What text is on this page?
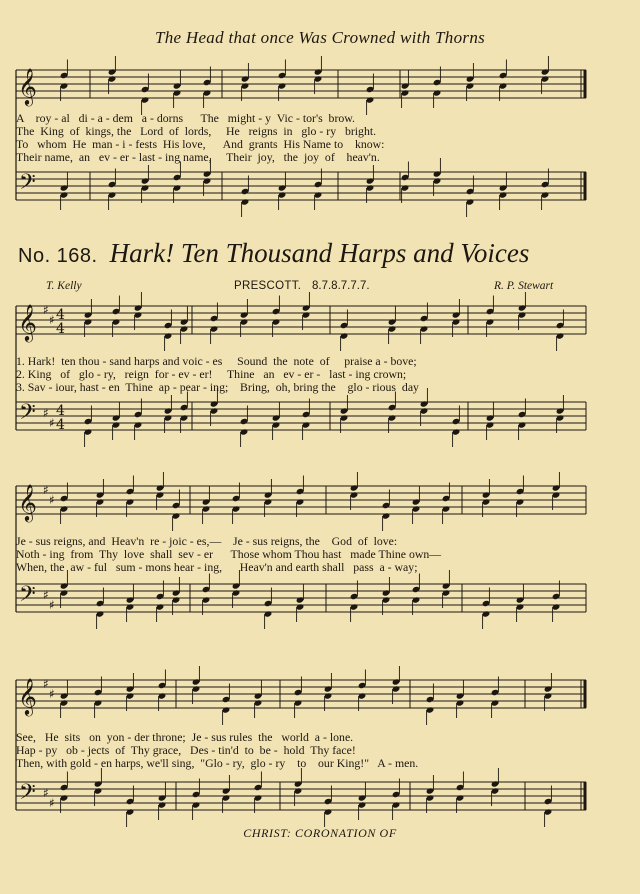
The Head that once Was Crowned with Thorns
𝄞
𝄢
𝄞
𝄢
♯
♯
♯
♯
4
4
4
4
𝄞
𝄢
♯
♯
♯
♯
𝄞
𝄢
♯
♯
♯
♯
A    roy - al   di - a - dem   a - dorns      The   might - y  Vic - tor's  brow.
The  King  of  kings, the   Lord  of  lords,     He   reigns  in   glo - ry   bright.
To   whom  He  man - i - fests  His love,      And  grants  His Name to    know:
Their name,  an   ev - er - last - ing name,     Their  joy,   the  joy  of    heav'n.
No. 168. Hark! Ten Thousand Harps and Voices
T. Kelly	PRESCOTT. 8.7.8.7.7.7.	R. P. Stewart
1. Hark!  ten thou - sand harps and voic - es     Sound  the  note  of     praise a - bove;
2. King   of   glo - ry,   reign  for - ev - er!     Thine   an   ev - er -   last - ing crown;
3. Sav - iour, hast - en  Thine  ap - pear - ing;    Bring,  oh, bring the    glo - rious  day
Je - sus reigns, and  Heav'n  re - joic - es,—    Je - sus reigns, the    God  of  love:
Noth - ing  from  Thy  love  shall  sev - er      Those whom Thou hast   made Thine own—
When, the  aw - ful   sum - mons hear - ing,      Heav'n and earth shall   pass  a - way;
See,   He  sits   on  yon - der throne;  Je - sus rules  the   world  a - lone.
Hap - py   ob - jects  of  Thy grace,   Des - tin'd  to  be -  hold  Thy face!
Then, with gold - en harps, we'll sing,  "Glo - ry,  glo - ry    to    our King!"   A - men.
CHRIST: CORONATION OF
